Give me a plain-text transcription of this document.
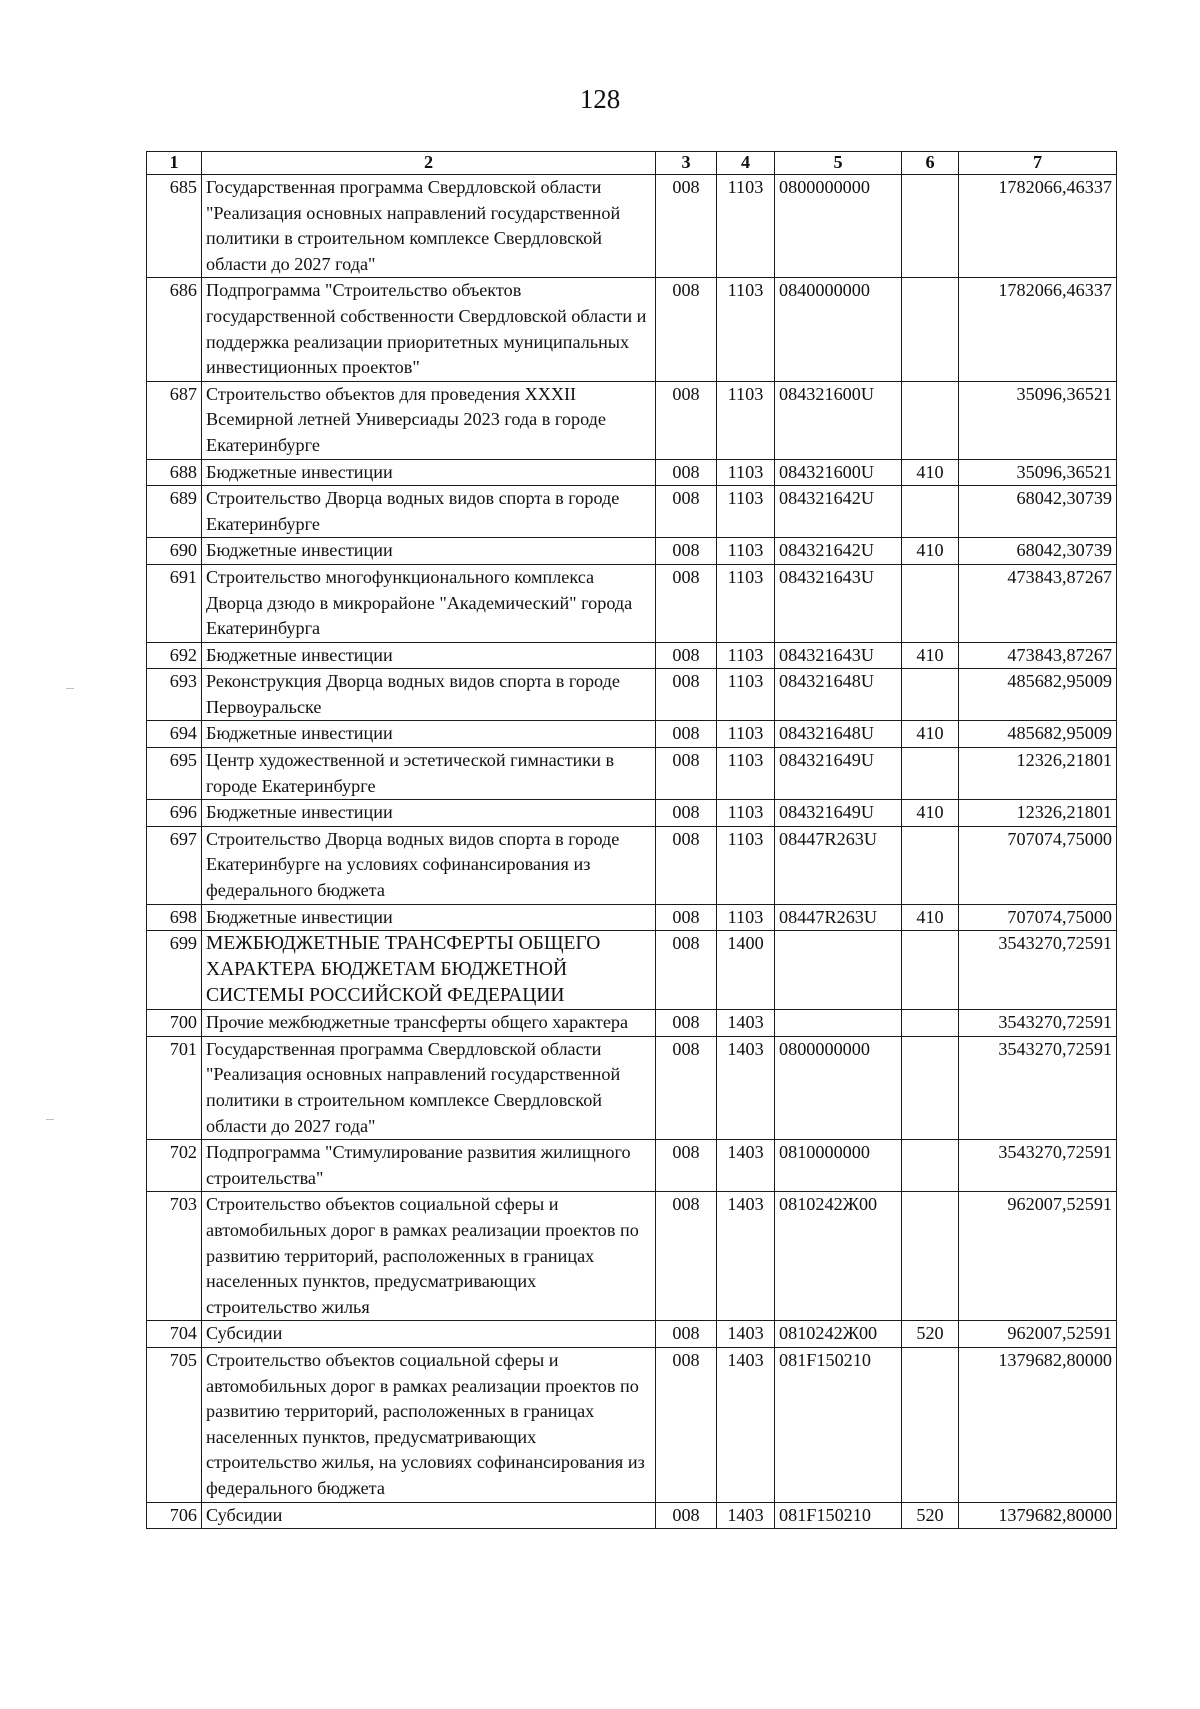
128
1	2	3	4	5	6	7
685	Государственная программа Свердловской области "Реализация основных направлений государственной политики в строительном комплексе Свердловской области до 2027 года"	008	1103	0800000000		1782066,46337
686	Подпрограмма "Строительство объектов государственной собственности Свердловской области и поддержка реализации приоритетных муниципальных инвестиционных проектов"	008	1103	0840000000		1782066,46337
687	Строительство объектов для проведения XXXII Всемирной летней Универсиады 2023 года в городе Екатеринбурге	008	1103	084321600U		35096,36521
688	Бюджетные инвестиции	008	1103	084321600U	410	35096,36521
689	Строительство Дворца водных видов спорта в городе Екатеринбурге	008	1103	084321642U		68042,30739
690	Бюджетные инвестиции	008	1103	084321642U	410	68042,30739
691	Строительство многофункционального комплекса Дворца дзюдо в микрорайоне "Академический" города Екатеринбурга	008	1103	084321643U		473843,87267
692	Бюджетные инвестиции	008	1103	084321643U	410	473843,87267
693	Реконструкция Дворца водных видов спорта в городе Первоуральске	008	1103	084321648U		485682,95009
694	Бюджетные инвестиции	008	1103	084321648U	410	485682,95009
695	Центр художественной и эстетической гимнастики в городе Екатеринбурге	008	1103	084321649U		12326,21801
696	Бюджетные инвестиции	008	1103	084321649U	410	12326,21801
697	Строительство Дворца водных видов спорта в городе Екатеринбурге на условиях софинансирования из федерального бюджета	008	1103	08447R263U		707074,75000
698	Бюджетные инвестиции	008	1103	08447R263U	410	707074,75000
699	МЕЖБЮДЖЕТНЫЕ ТРАНСФЕРТЫ ОБЩЕГО ХАРАКТЕРА БЮДЖЕТАМ БЮДЖЕТНОЙ СИСТЕМЫ РОССИЙСКОЙ ФЕДЕРАЦИИ	008	1400			3543270,72591
700	Прочие межбюджетные трансферты общего характера	008	1403			3543270,72591
701	Государственная программа Свердловской области "Реализация основных направлений государственной политики в строительном комплексе Свердловской области до 2027 года"	008	1403	0800000000		3543270,72591
702	Подпрограмма "Стимулирование развития жилищного строительства"	008	1403	0810000000		3543270,72591
703	Строительство объектов социальной сферы и автомобильных дорог в рамках реализации проектов по развитию территорий, расположенных в границах населенных пунктов, предусматривающих строительство жилья	008	1403	0810242Ж00		962007,52591
704	Субсидии	008	1403	0810242Ж00	520	962007,52591
705	Строительство объектов социальной сферы и автомобильных дорог в рамках реализации проектов по развитию территорий, расположенных в границах населенных пунктов, предусматривающих строительство жилья, на условиях софинансирования из федерального бюджета	008	1403	081F150210		1379682,80000
706	Субсидии	008	1403	081F150210	520	1379682,80000
